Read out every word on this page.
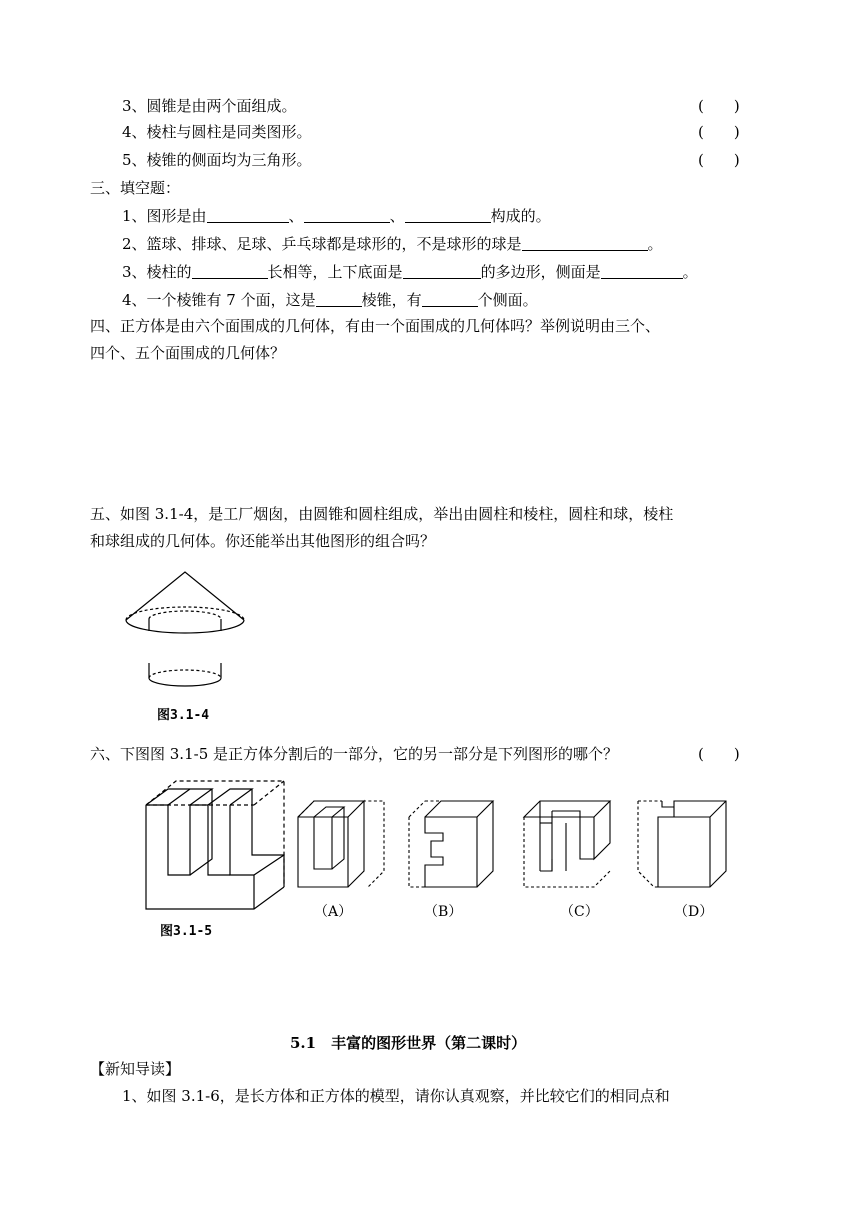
3、圆锥是由两个面组成。	(　　)
4、棱柱与圆柱是同类图形。	(　　)
5、棱锥的侧面均为三角形。	(　　)
三、填空题：
1、图形是由	、	、	构成的。
2、篮球、排球、足球、乒乓球都是球形的，不是球形的球是	。
3、棱柱的	长相等，上下底面是	的多边形，侧面是	。
4、一个棱锥有 7 个面，这是	棱锥，有	个侧面。
四、正方体是由六个面围成的几何体，有由一个面围成的几何体吗？举例说明由三个、
四个、五个面围成的几何体？
五、如图 3.1-4，是工厂烟囱，由圆锥和圆柱组成，举出由圆柱和棱柱，圆柱和球，棱柱
和球组成的几何体。你还能举出其他图形的组合吗？
图3.1-4
六、下图图 3.1-5 是正方体分割后的一部分，它的另一部分是下列图形的哪个？	(　　)
图3.1-5
（A）	（B）	（C）	（D）
5.1　丰富的图形世界（第二课时）
【新知导读】
1、如图 3.1-6，是长方体和正方体的模型，请你认真观察，并比较它们的相同点和
